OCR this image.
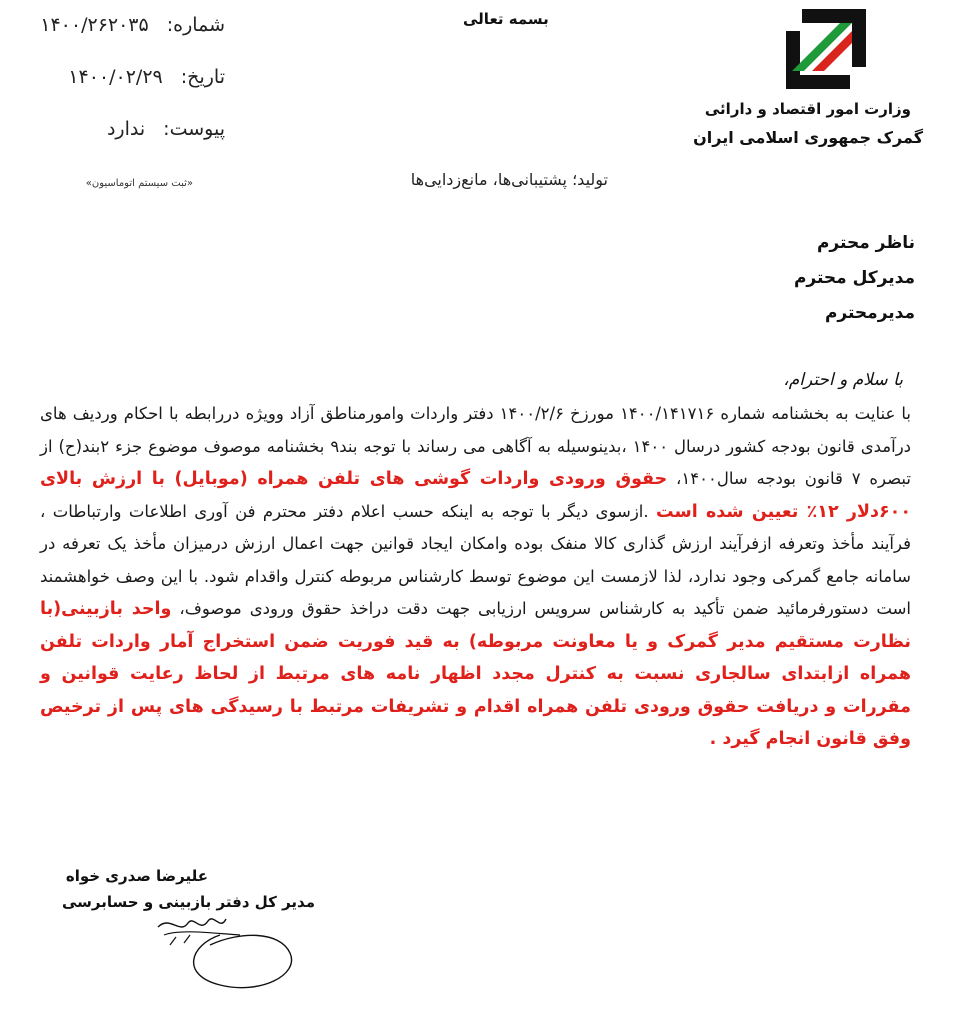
شماره: ۱۴۰۰/۲۶۲۰۳۵
تاریخ: ۱۴۰۰/۰۲/۲۹
پیوست: ندارد
«ثبت سیستم اتوماسیون»
بسمه تعالی
تولید؛ پشتیبانی‌ها، مانع‌زدایی‌ها
وزارت امور اقتصاد و دارائی
گمرک جمهوری اسلامی ایران
ناظر محترم
مدیرکل محترم
مدیرمحترم
با سلام و احترام،
با عنایت به بخشنامه شماره ۱۴۰۰/۱۴۱۷۱۶ مورزخ ۱۴۰۰/۲/۶ دفتر واردات وامورمناطق آزاد وویژه دررابطه با احکام ورديف های درآمدی قانون بودجه کشور درسال ۱۴۰۰ ،بدینوسیله به آگاهی می رساند با توجه بند۹ بخشنامه موصوف موضوع جزء ۲بند(ح) از تبصره ۷ قانون بودجه سال۱۴۰۰، حقوق ورودی واردات گوشی های تلفن همراه (موبایل) با ارزش بالای ۶۰۰دلار ۱۲٪ تعیین شده است .ازسوی دیگر با توجه به اینکه حسب اعلام دفتر محترم فن آوری اطلاعات وارتباطات ، فرآیند مأخذ وتعرفه ازفرآیند ارزش گذاری کالا منفک بوده وامکان ایجاد قوانین جهت اعمال ارزش درمیزان مأخذ یک تعرفه در سامانه جامع گمرکی وجود ندارد، لذا لازمست این موضوع توسط کارشناس مربوطه کنترل واقدام شود. با این وصف خواهشمند است دستورفرمائید ضمن تأکید به کارشناس سرویس ارزیابی جهت دقت دراخذ حقوق ورودی موصوف، واحد بازبینی(با نظارت مستقیم مدیر گمرک و یا معاونت مربوطه) به قید فوریت ضمن استخراج آمار واردات تلفن همراه ازابتدای سالجاری نسبت به کنترل مجدد اظهار نامه های مرتبط از لحاظ رعایت قوانین و مقررات و دریافت حقوق ورودی تلفن همراه اقدام و تشریفات مرتبط با رسیدگی های پس از ترخیص وفق قانون انجام گیرد .
علیرضا صدری خواه
مدیر کل دفتر بازبینی و حسابرسی
